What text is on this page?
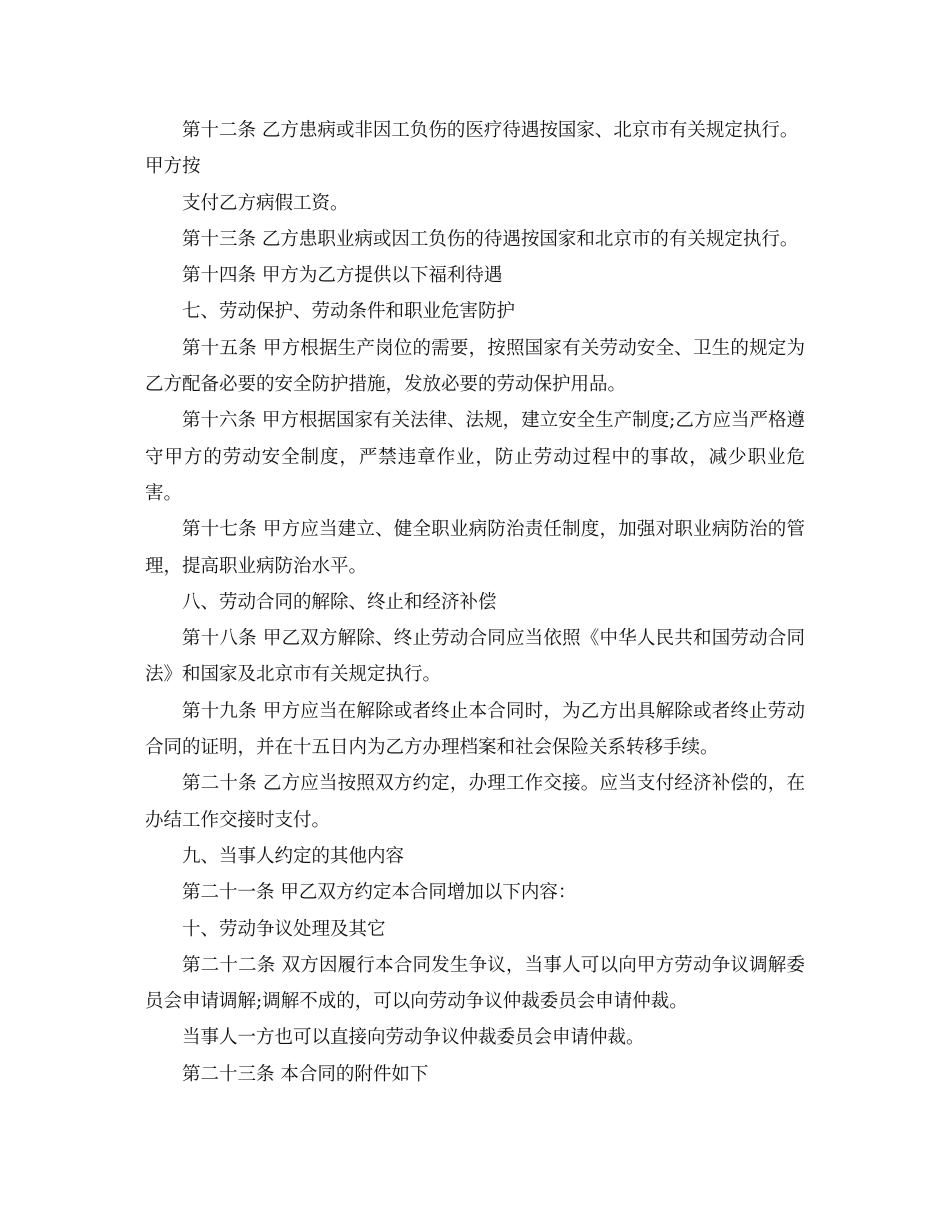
第十二条 乙方患病或非因工负伤的医疗待遇按国家、北京市有关规定执行。

甲方按

支付乙方病假工资。

第十三条 乙方患职业病或因工负伤的待遇按国家和北京市的有关规定执行。

第十四条 甲方为乙方提供以下福利待遇

七、劳动保护、劳动条件和职业危害防护

第十五条 甲方根据生产岗位的需要，按照国家有关劳动安全、卫生的规定为乙方配备必要的安全防护措施，发放必要的劳动保护用品。

第十六条 甲方根据国家有关法律、法规，建立安全生产制度;乙方应当严格遵守甲方的劳动安全制度，严禁违章作业，防止劳动过程中的事故，减少职业危害。

第十七条 甲方应当建立、健全职业病防治责任制度，加强对职业病防治的管理，提高职业病防治水平。

八、劳动合同的解除、终止和经济补偿

第十八条 甲乙双方解除、终止劳动合同应当依照《中华人民共和国劳动合同法》和国家及北京市有关规定执行。

第十九条 甲方应当在解除或者终止本合同时，为乙方出具解除或者终止劳动合同的证明，并在十五日内为乙方办理档案和社会保险关系转移手续。

第二十条 乙方应当按照双方约定，办理工作交接。应当支付经济补偿的，在办结工作交接时支付。

九、当事人约定的其他内容

第二十一条 甲乙双方约定本合同增加以下内容：

十、劳动争议处理及其它

第二十二条 双方因履行本合同发生争议，当事人可以向甲方劳动争议调解委员会申请调解;调解不成的，可以向劳动争议仲裁委员会申请仲裁。

当事人一方也可以直接向劳动争议仲裁委员会申请仲裁。

第二十三条 本合同的附件如下
